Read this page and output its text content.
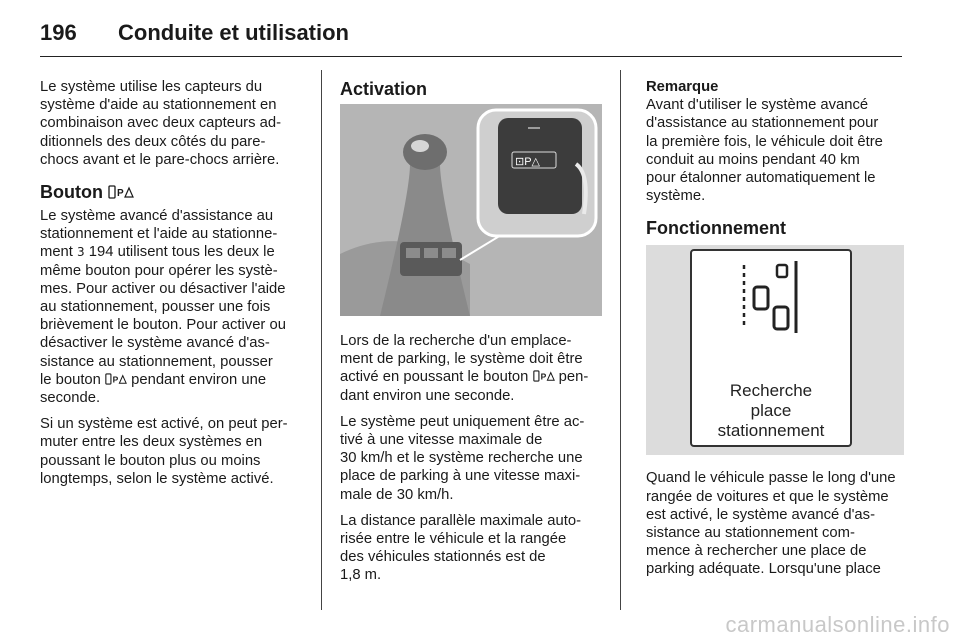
196 Conduite et utilisation

Le système utilise les capteurs du
système d'aide au stationnement en
combinaison avec deux capteurs ad-
ditionnels des deux côtés du pare-
chocs avant et le pare-chocs arrière.

Bouton P

Le système avancé d'assistance au
stationnement et l'aide au stationne-
ment 3 194 utilisent tous les deux le
même bouton pour opérer les systè-
mes. Pour activer ou désactiver l'aide
au stationnement, pousser une fois
brièvement le bouton. Pour activer ou
désactiver le système avancé d'as-
sistance au stationnement, pousser
le bouton P pendant environ une
seconde.

Si un système est activé, on peut per-
muter entre les deux systèmes en
poussant le bouton plus ou moins
longtemps, selon le système activé.

Activation
⊡P△

Lors de la recherche d'un emplace-
ment de parking, le système doit être
activé en poussant le bouton P pen-
dant environ une seconde.

Le système peut uniquement être ac-
tivé à une vitesse maximale de
30 km/h et le système recherche une
place de parking à une vitesse maxi-
male de 30 km/h.

La distance parallèle maximale auto-
risée entre le véhicule et la rangée
des véhicules stationnés est de
1,8 m.

Remarque
Avant d'utiliser le système avancé
d'assistance au stationnement pour
la première fois, le véhicule doit être
conduit au moins pendant 40 km
pour étalonner automatiquement le
système.

Fonctionnement
Recherche
place
stationnement

Quand le véhicule passe le long d'une
rangée de voitures et que le système
est activé, le système avancé d'as-
sistance au stationnement com-
mence à rechercher une place de
parking adéquate. Lorsqu'une place

carmanualsonline.info
